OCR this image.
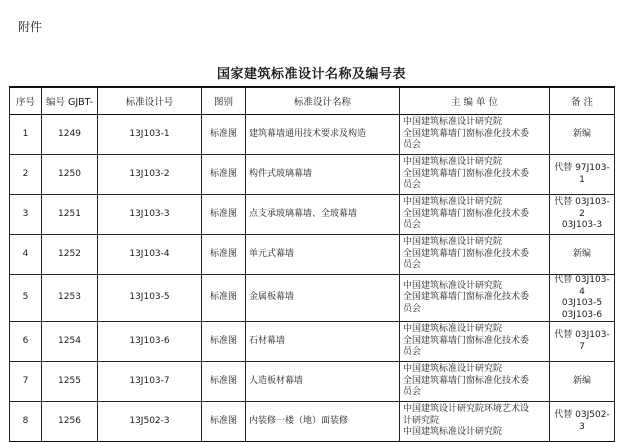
附件
国家建筑标准设计名称及编号表
序号	编号 GJBT-	标准设计号	图别	标准设计名称	主 编 单 位	备 注
1	1249	13J103-1	标准图	建筑幕墙通用技术要求及构造	中国建筑标准设计研究院
全国建筑幕墙门窗标准化技术委
员会	新编

2	1250	13J103-2	标准图	构件式玻璃幕墙	中国建筑标准设计研究院
全国建筑幕墙门窗标准化技术委
员会	代替 97J103-1

3	1251	13J103-3	标准图	点支承玻璃幕墙、全玻幕墙	中国建筑标准设计研究院
全国建筑幕墙门窗标准化技术委
员会	代替 03J103-2
03J103-3

4	1252	13J103-4	标准图	单元式幕墙	中国建筑标准设计研究院
全国建筑幕墙门窗标准化技术委
员会	新编

5	1253	13J103-5	标准图	金属板幕墙	中国建筑标准设计研究院
全国建筑幕墙门窗标准化技术委
员会	代替 03J103-4
03J103-5
03J103-6

6	1254	13J103-6	标准图	石材幕墙	中国建筑标准设计研究院
全国建筑幕墙门窗标准化技术委
员会	代替 03J103-7

7	1255	13J103-7	标准图	人造板材幕墙	中国建筑标准设计研究院
全国建筑幕墙门窗标准化技术委
员会	新编

8	1256	13J502-3	标准图	内装修一楼（地）面装修	中国建筑设计研究院环境艺术设
计研究院
中国建筑标准设计研究院	代替 03J502-3
